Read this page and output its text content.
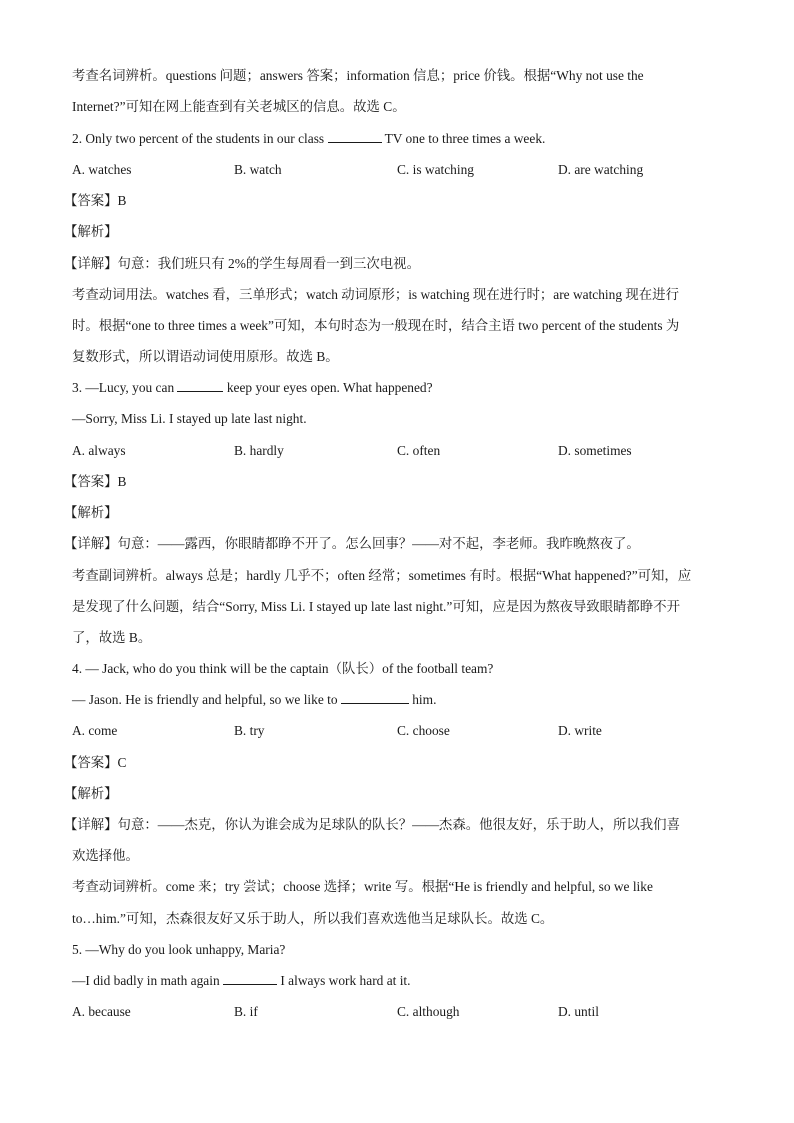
考查名词辨析。questions 问题；answers 答案；information 信息；price 价钱。根据“Why not use the
Internet?”可知在网上能查到有关老城区的信息。故选 C。
2. Only two percent of the students in our class	TV one to three times a week.
A. watches	B. watch	C. is watching	D. are watching
【答案】B
【解析】
【详解】句意：我们班只有 2%的学生每周看一到三次电视。
考查动词用法。watches 看，三单形式；watch 动词原形；is watching 现在进行时；are watching 现在进行
时。根据“one to three times a week”可知，本句时态为一般现在时，结合主语 two percent of the students 为
复数形式，所以谓语动词使用原形。故选 B。
3. —Lucy, you can	keep your eyes open. What happened?
—Sorry, Miss Li. I stayed up late last night.
A. always	B. hardly	C. often	D. sometimes
【答案】B
【解析】
【详解】句意：——露西，你眼睛都睁不开了。怎么回事？——对不起，李老师。我昨晚熬夜了。
考查副词辨析。always 总是；hardly 几乎不；often 经常；sometimes 有时。根据“What happened?”可知，应
是发现了什么问题，结合“Sorry, Miss Li. I stayed up late last night.”可知，应是因为熬夜导致眼睛都睁不开
了，故选 B。
4. — Jack, who do you think will be the captain（队长）of the football team?
— Jason. He is friendly and helpful, so we like to	him.
A. come	B. try	C. choose	D. write
【答案】C
【解析】
【详解】句意：——杰克，你认为谁会成为足球队的队长？——杰森。他很友好，乐于助人，所以我们喜
欢选择他。
考查动词辨析。come 来；try 尝试；choose 选择；write 写。根据“He is friendly and helpful, so we like
to…him.”可知，杰森很友好又乐于助人，所以我们喜欢选他当足球队长。故选 C。
5. —Why do you look unhappy, Maria?
—I did badly in math again	I always work hard at it.
A. because	B. if	C. although	D. until
